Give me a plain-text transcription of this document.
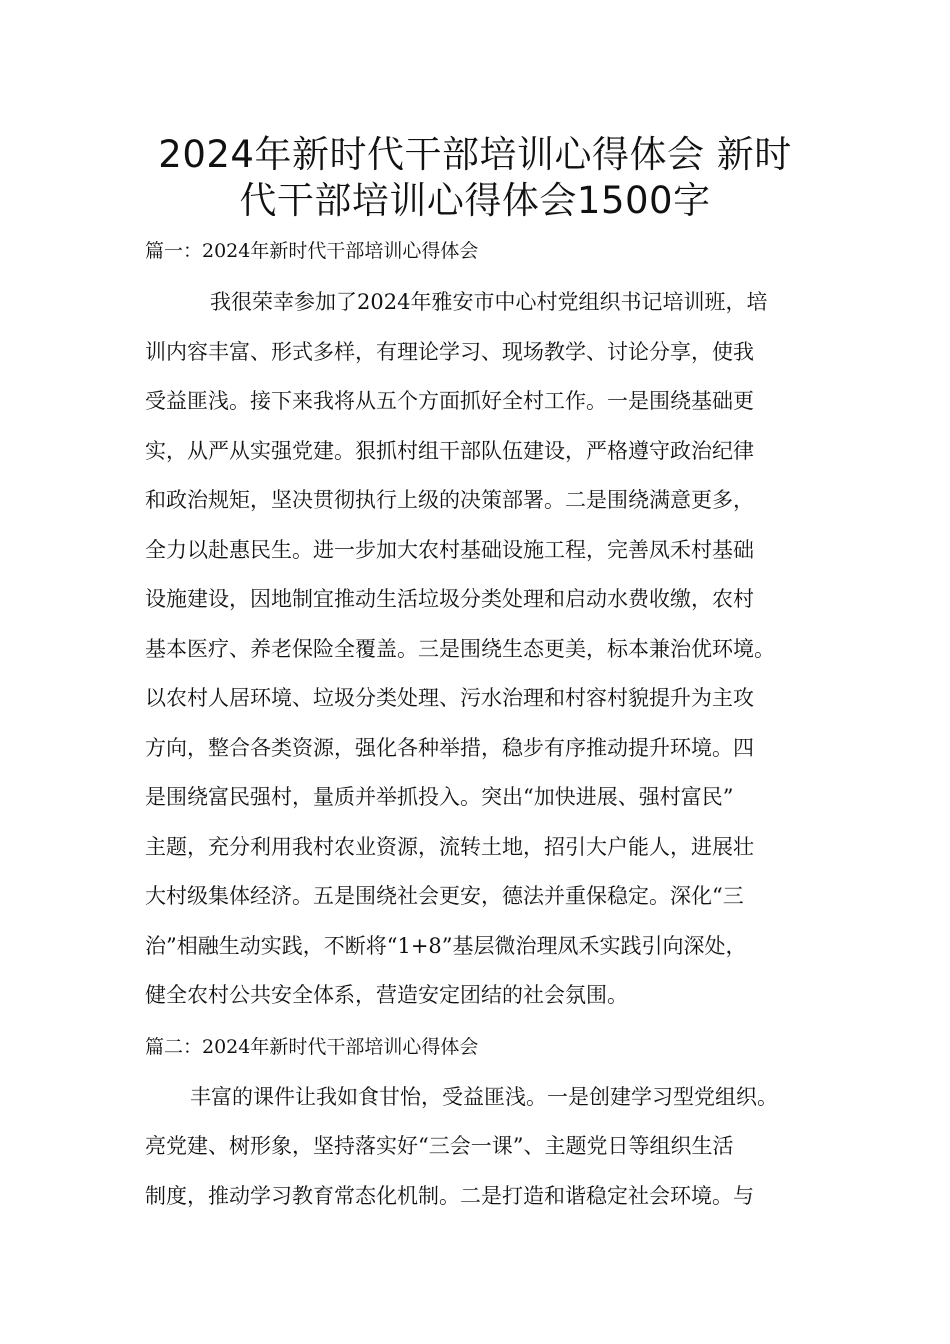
2024年新时代干部培训心得体会 新时
代干部培训心得体会1500字
篇一：2024年新时代干部培训心得体会
我很荣幸参加了2024年雅安市中心村党组织书记培训班，培
训内容丰富、形式多样，有理论学习、现场教学、讨论分享，使我
受益匪浅。接下来我将从五个方面抓好全村工作。一是围绕基础更
实，从严从实强党建。狠抓村组干部队伍建设，严格遵守政治纪律
和政治规矩，坚决贯彻执行上级的决策部署。二是围绕满意更多，
全力以赴惠民生。进一步加大农村基础设施工程，完善凤禾村基础
设施建设，因地制宜推动生活垃圾分类处理和启动水费收缴，农村
基本医疗、养老保险全覆盖。三是围绕生态更美，标本兼治优环境。
以农村人居环境、垃圾分类处理、污水治理和村容村貌提升为主攻
方向，整合各类资源，强化各种举措，稳步有序推动提升环境。四
是围绕富民强村，量质并举抓投入。突出“加快进展、强村富民”
主题，充分利用我村农业资源，流转土地，招引大户能人，进展壮
大村级集体经济。五是围绕社会更安，德法并重保稳定。深化“三
治”相融生动实践，不断将“1+8”基层微治理凤禾实践引向深处，
健全农村公共安全体系，营造安定团结的社会氛围。
篇二：2024年新时代干部培训心得体会
丰富的课件让我如食甘怡，受益匪浅。一是创建学习型党组织。
亮党建、树形象，坚持落实好“三会一课”、主题党日等组织生活
制度，推动学习教育常态化机制。二是打造和谐稳定社会环境。与
